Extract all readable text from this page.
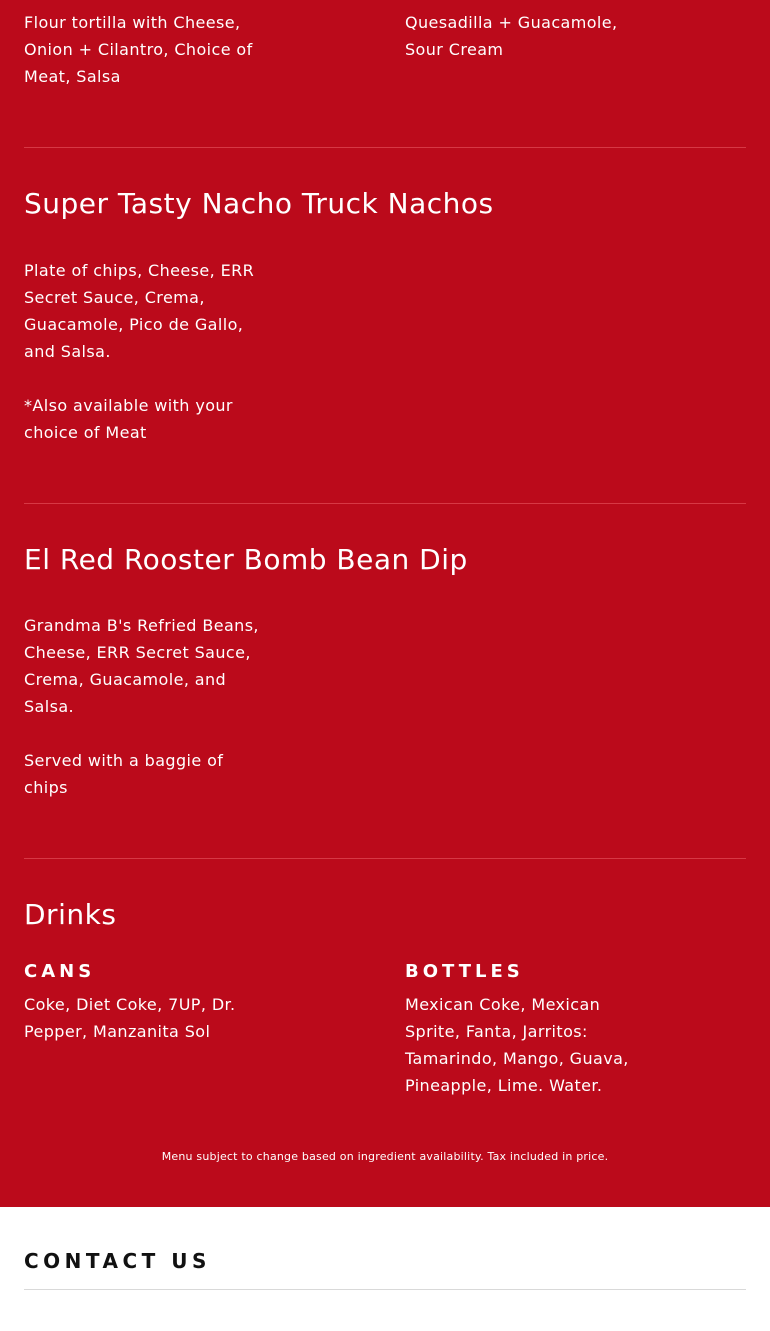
Flour tortilla with Cheese,
Onion + Cilantro, Choice of
Meat, Salsa

Quesadilla + Guacamole,
Sour Cream

Super Tasty Nacho Truck Nachos

Plate of chips, Cheese, ERR
Secret Sauce, Crema,
Guacamole, Pico de Gallo,
and Salsa.

*Also available with your
choice of Meat

El Red Rooster Bomb Bean Dip

Grandma B's Refried Beans,
Cheese, ERR Secret Sauce,
Crema, Guacamole, and
Salsa.

Served with a baggie of
chips

Drinks
CANS

Coke, Diet Coke, 7UP, Dr.
Pepper, Manzanita Sol

BOTTLES

Mexican Coke, Mexican
Sprite, Fanta, Jarritos:
Tamarindo, Mango, Guava,
Pineapple, Lime. Water.

Menu subject to change based on ingredient availability. Tax included in price.

CONTACT US
